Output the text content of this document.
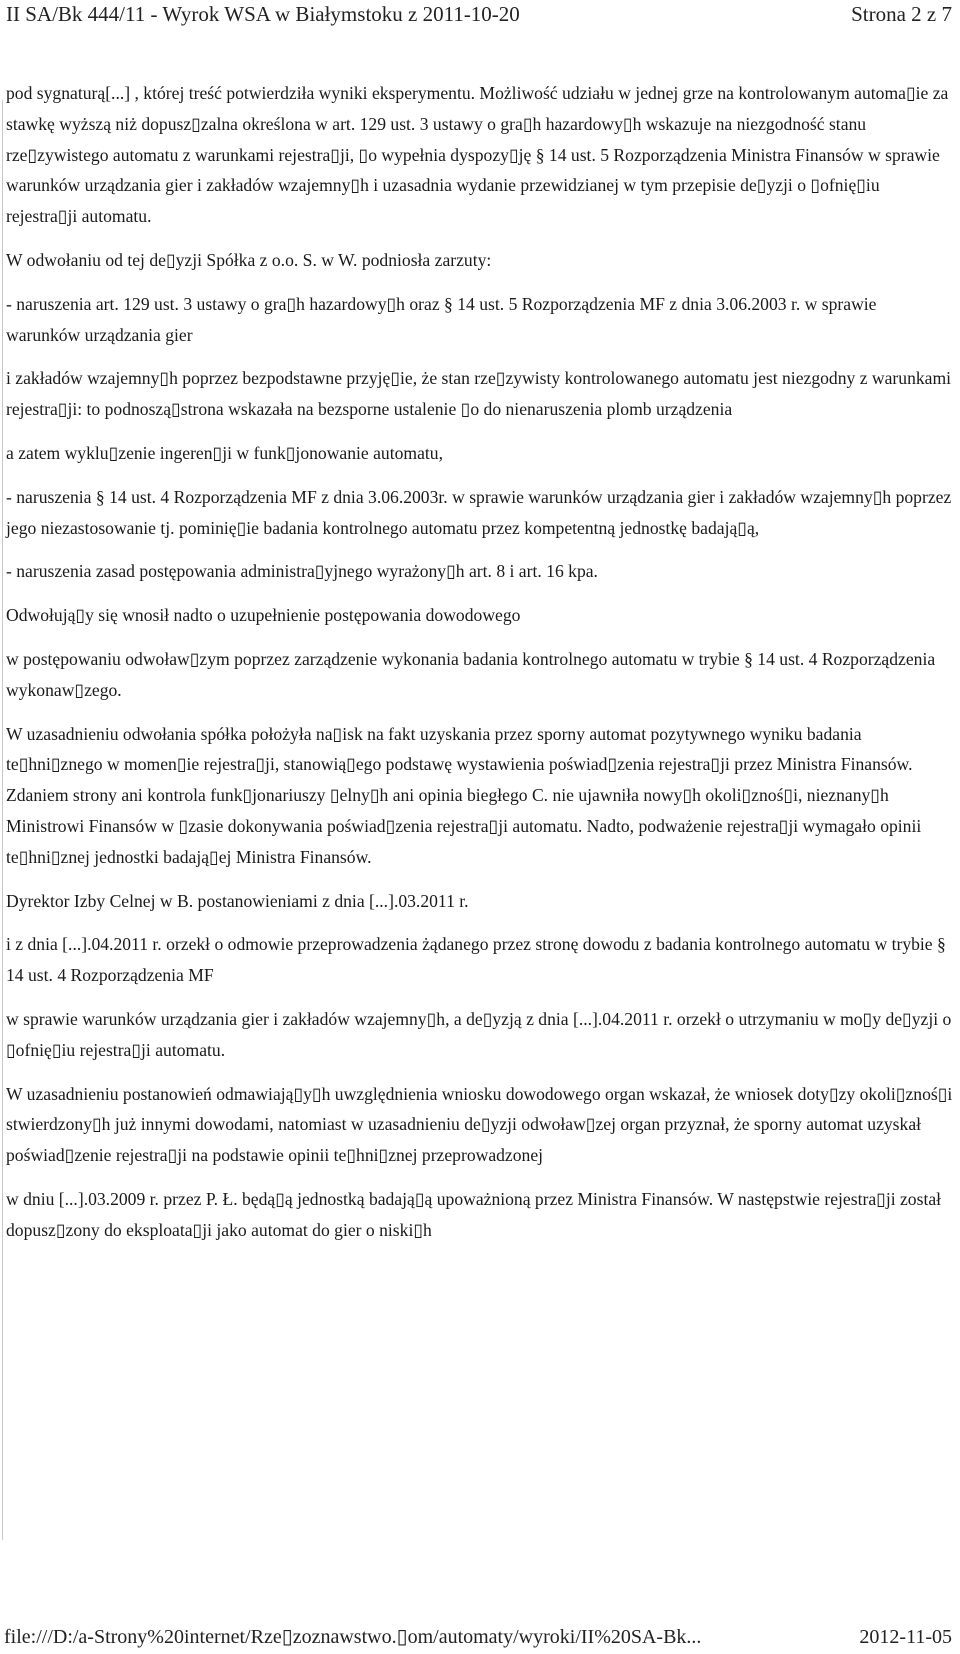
II SA/Bk 444/11 - Wyrok WSA w Białymstoku z 2011-10-20	Strona 2 z 7

pod sygnaturą[...] , której treść potwierdziła wyniki eksperymentu. Możliwość udziału w jednej grze na kontrolowanym automa▯ie za stawkę wyższą niż dopusz▯zalna określona w art. 129 ust. 3 ustawy o gra▯h hazardowy▯h wskazuje na niezgodność stanu rze▯zywistego automatu z warunkami rejestra▯ji, ▯o wypełnia dyspozy▯ję § 14 ust. 5 Rozporządzenia Ministra Finansów w sprawie warunków urządzania gier i zakładów wzajemny▯h i uzasadnia wydanie przewidzianej w tym przepisie de▯yzji o ▯ofnię▯iu rejestra▯ji automatu.

W odwołaniu od tej de▯yzji Spółka z o.o. S. w W. podniosła zarzuty:

- naruszenia art. 129 ust. 3 ustawy o gra▯h hazardowy▯h oraz § 14 ust. 5 Rozporządzenia MF z dnia 3.06.2003 r. w sprawie warunków urządzania gier

i zakładów wzajemny▯h poprzez bezpodstawne przyję▯ie, że stan rze▯zywisty kontrolowanego automatu jest niezgodny z warunkami rejestra▯ji: to podnoszą▯strona wskazała na bezsporne ustalenie ▯o do nienaruszenia plomb urządzenia

a zatem wyklu▯zenie ingeren▯ji w funk▯jonowanie automatu,

- naruszenia § 14 ust. 4 Rozporządzenia MF z dnia 3.06.2003r. w sprawie warunków urządzania gier i zakładów wzajemny▯h poprzez jego niezastosowanie tj. pominię▯ie badania kontrolnego automatu przez kompetentną jednostkę badają▯ą,

- naruszenia zasad postępowania administra▯yjnego wyrażony▯h art. 8 i art. 16 kpa.

Odwołują▯y się wnosił nadto o uzupełnienie postępowania dowodowego

w postępowaniu odwoław▯zym poprzez zarządzenie wykonania badania kontrolnego automatu w trybie § 14 ust. 4 Rozporządzenia wykonaw▯zego.

W uzasadnieniu odwołania spółka położyła na▯isk na fakt uzyskania przez sporny automat pozytywnego wyniku badania te▯hni▯znego w momen▯ie rejestra▯ji, stanowią▯ego podstawę wystawienia poświad▯zenia rejestra▯ji przez Ministra Finansów. Zdaniem strony ani kontrola funk▯jonariuszy ▯elny▯h ani opinia biegłego C. nie ujawniła nowy▯h okoli▯znoś▯i, nieznany▯h Ministrowi Finansów w ▯zasie dokonywania poświad▯zenia rejestra▯ji automatu. Nadto, podważenie rejestra▯ji wymagało opinii te▯hni▯znej jednostki badają▯ej Ministra Finansów.

Dyrektor Izby Celnej w B. postanowieniami z dnia [...].03.2011 r.

i z dnia [...].04.2011 r. orzekł o odmowie przeprowadzenia żądanego przez stronę dowodu z badania kontrolnego automatu w trybie § 14 ust. 4 Rozporządzenia MF

w sprawie warunków urządzania gier i zakładów wzajemny▯h, a de▯yzją z dnia [...].04.2011 r. orzekł o utrzymaniu w mo▯y de▯yzji o ▯ofnię▯iu rejestra▯ji automatu.

W uzasadnieniu postanowień odmawiają▯y▯h uwzględnienia wniosku dowodowego organ wskazał, że wniosek doty▯zy okoli▯znoś▯i stwierdzony▯h już innymi dowodami, natomiast w uzasadnieniu de▯yzji odwoław▯zej organ przyznał, że sporny automat uzyskał poświad▯zenie rejestra▯ji na podstawie opinii te▯hni▯znej przeprowadzonej

w dniu [...].03.2009 r. przez P. Ł. będą▯ą jednostką badają▯ą upoważnioną przez Ministra Finansów. W następstwie rejestra▯ji został dopusz▯zony do eksploata▯ji jako automat do gier o niski▯h

file:///D:/a-Strony%20internet/Rze▯zoznawstwo.▯om/automaty/wyroki/II%20SA-Bk...	2012-11-05
